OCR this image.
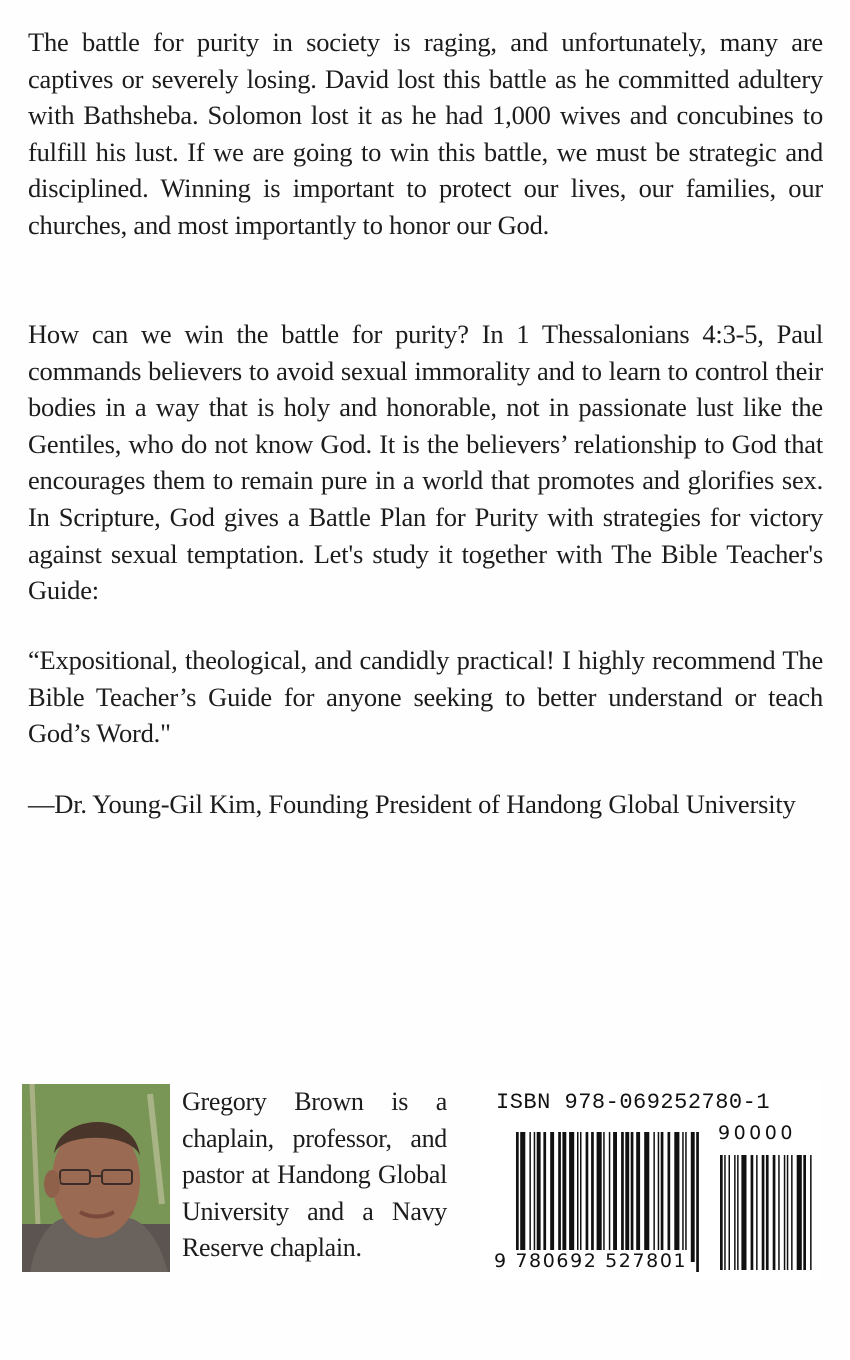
The battle for purity in society is raging, and unfortunately, many are captives or severely losing. David lost this battle as he committed adultery with Bathsheba. Solomon lost it as he had 1,000 wives and concubines to fulfill his lust. If we are going to win this battle, we must be strategic and disciplined. Winning is important to protect our lives, our families, our churches, and most importantly to honor our God.

How can we win the battle for purity? In 1 Thessalonians 4:3-5, Paul commands believers to avoid sexual immorality and to learn to control their bodies in a way that is holy and honorable, not in passionate lust like the Gentiles, who do not know God. It is the believers’ relationship to God that encourages them to remain pure in a world that promotes and glorifies sex. In Scripture, God gives a Battle Plan for Purity with strategies for victory against sexual temptation. Let's study it together with The Bible Teacher's Guide:

“Expositional, theological, and candidly practical! I highly recommend The Bible Teacher’s Guide for anyone seeking to better understand or teach God’s Word."

—Dr. Young-Gil Kim, Founding President of Handong Global University

Gregory Brown is a chaplain, professor, and pastor at Handong Global University and a Navy Reserve chaplain.

ISBN 978-069252780-1
90000
9 780692 527801
